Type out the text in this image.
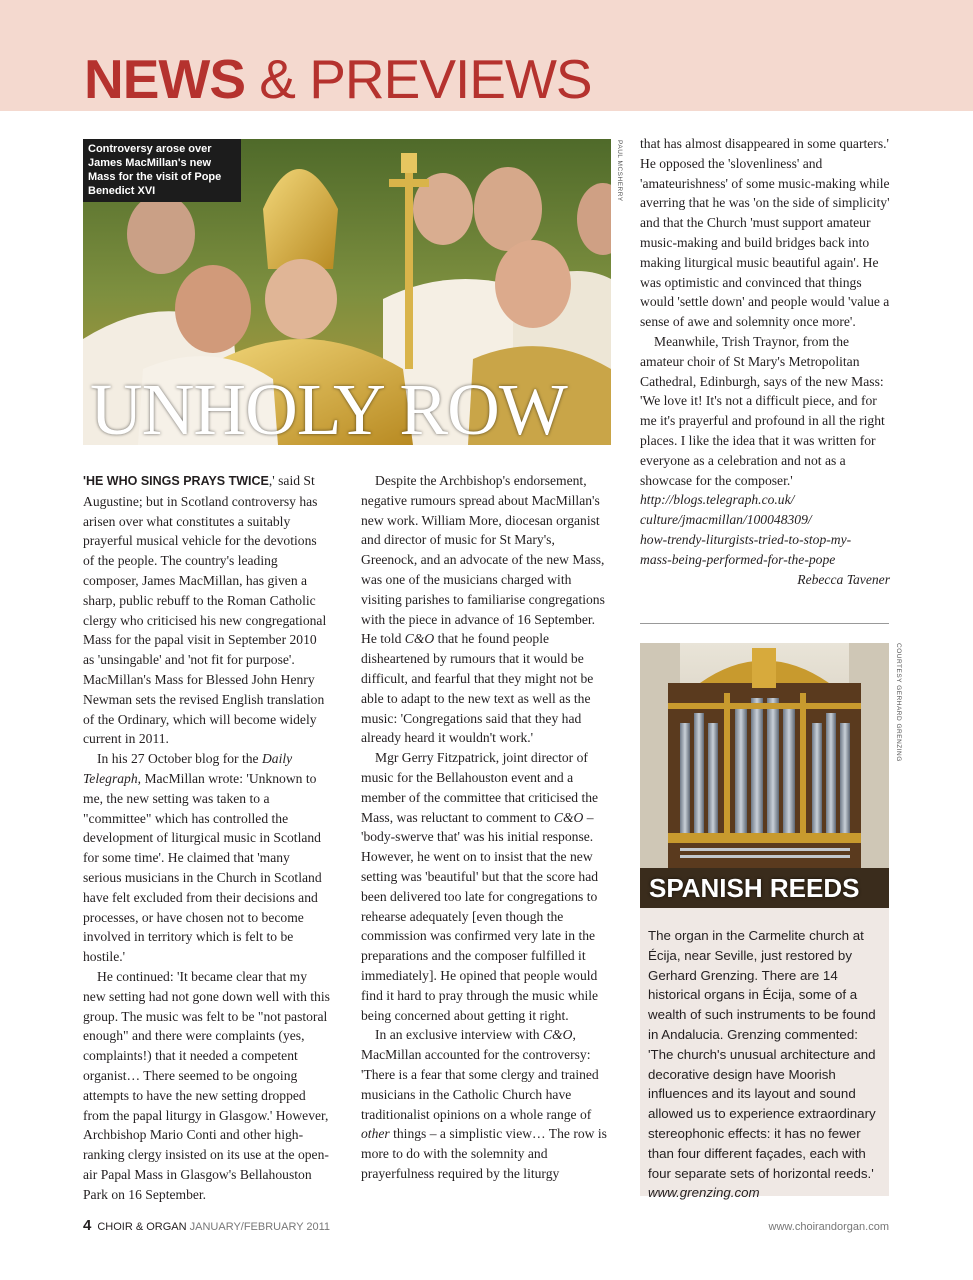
NEWS & PREVIEWS
Controversy arose over James MacMillan's new Mass for the visit of Pope Benedict XVI
UNHOLY ROW
PAUL MCSHERRY

'HE WHO SINGS PRAYS TWICE,' said St Augustine; but in Scotland controversy has arisen over what constitutes a suitably prayerful musical vehicle for the devotions of the people. The country's leading composer, James MacMillan, has given a sharp, public rebuff to the Roman Catholic clergy who criticised his new congregational Mass for the papal visit in September 2010 as 'unsingable' and 'not fit for purpose'. MacMillan's Mass for Blessed John Henry Newman sets the revised English translation of the Ordinary, which will become widely current in 2011.

In his 27 October blog for the Daily Telegraph, MacMillan wrote: 'Unknown to me, the new setting was taken to a "committee" which has controlled the development of liturgical music in Scotland for some time'. He claimed that 'many serious musicians in the Church in Scotland have felt excluded from their decisions and processes, or have chosen not to become involved in territory which is felt to be hostile.'

He continued: 'It became clear that my new setting had not gone down well with this group. The music was felt to be "not pastoral enough" and there were complaints (yes, complaints!) that it needed a competent organist… There seemed to be ongoing attempts to have the new setting dropped from the papal liturgy in Glasgow.' However, Archbishop Mario Conti and other high-ranking clergy insisted on its use at the open-air Papal Mass in Glasgow's Bellahouston Park on 16 September.

Despite the Archbishop's endorsement, negative rumours spread about MacMillan's new work. William More, diocesan organist and director of music for St Mary's, Greenock, and an advocate of the new Mass, was one of the musicians charged with visiting parishes to familiarise congregations with the piece in advance of 16 September. He told C&O that he found people disheartened by rumours that it would be difficult, and fearful that they might not be able to adapt to the new text as well as the music: 'Congregations said that they had already heard it wouldn't work.'

Mgr Gerry Fitzpatrick, joint director of music for the Bellahouston event and a member of the committee that criticised the Mass, was reluctant to comment to C&O – 'body-swerve that' was his initial response. However, he went on to insist that the new setting was 'beautiful' but that the score had been delivered too late for congregations to rehearse adequately [even though the commission was confirmed very late in the preparations and the composer fulfilled it immediately]. He opined that people would find it hard to pray through the music while being concerned about getting it right.

In an exclusive interview with C&O, MacMillan accounted for the controversy: 'There is a fear that some clergy and trained musicians in the Catholic Church have traditionalist opinions on a whole range of other things – a simplistic view… The row is more to do with the solemnity and prayerfulness required by the liturgy

that has almost disappeared in some quarters.' He opposed the 'slovenliness' and 'amateurishness' of some music-making while averring that he was 'on the side of simplicity' and that the Church 'must support amateur music-making and build bridges back into making liturgical music beautiful again'. He was optimistic and convinced that things would 'settle down' and people would 'value a sense of awe and solemnity once more'.

Meanwhile, Trish Traynor, from the amateur choir of St Mary's Metropolitan Cathedral, Edinburgh, says of the new Mass: 'We love it! It's not a difficult piece, and for me it's prayerful and profound in all the right places. I like the idea that it was written for everyone as a celebration and not as a showcase for the composer.'

http://blogs.telegraph.co.uk/
culture/jmacmillan/100048309/
how-trendy-liturgists-tried-to-stop-my-
mass-being-performed-for-the-pope
Rebecca Tavener
SPANISH REEDS
COURTESY GERHARD GRENZING
The organ in the Carmelite church at Écija, near Seville, just restored by Gerhard Grenzing. There are 14 historical organs in Écija, some of a wealth of such instruments to be found in Andalucia. Grenzing commented: 'The church's unusual architecture and decorative design have Moorish influences and its layout and sound allowed us to experience extraordinary stereophonic effects: it has no fewer than four different façades, each with four separate sets of horizontal reeds.' www.grenzing.com
4 CHOIR & ORGAN JANUARY/FEBRUARY 2011	www.choirandorgan.com
